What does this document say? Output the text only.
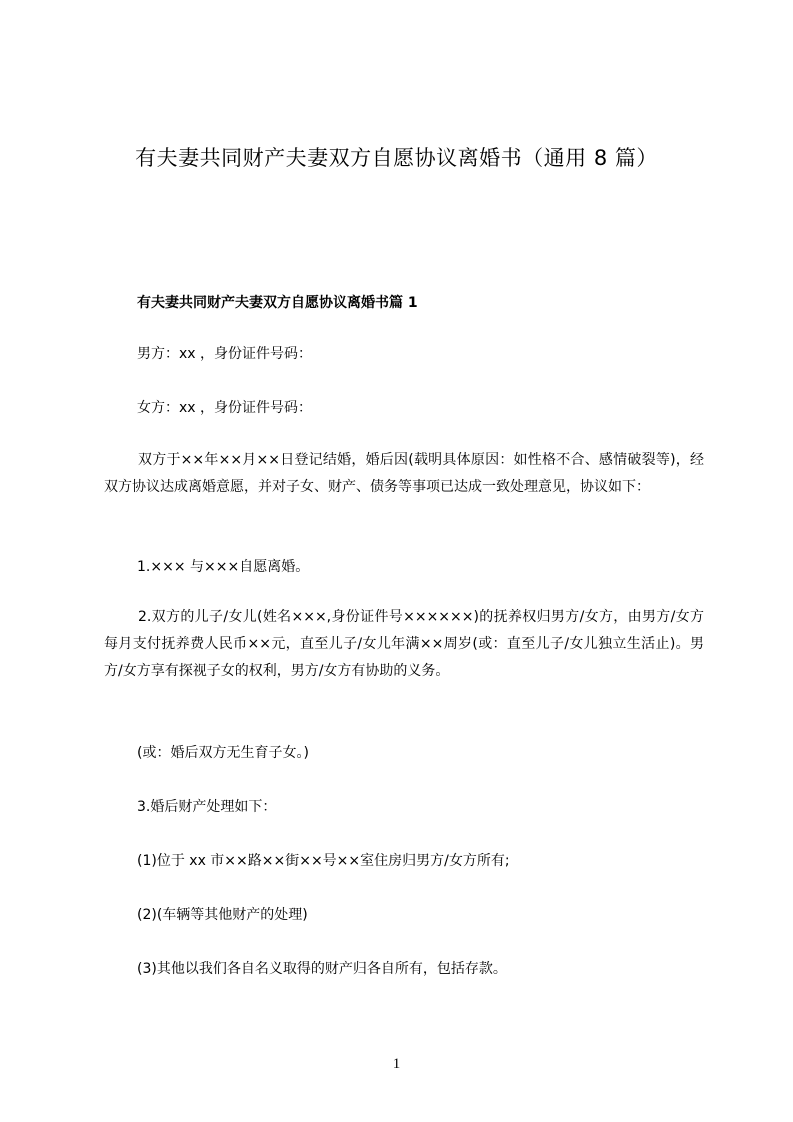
有夫妻共同财产夫妻双方自愿协议离婚书（通用 8 篇）
有夫妻共同财产夫妻双方自愿协议离婚书篇 1
男方：xx ，身份证件号码：
女方：xx ，身份证件号码：
双方于××年××月××日登记结婚，婚后因(载明具体原因：如性格不合、感情破裂等)，经双方协议达成离婚意愿，并对子女、财产、债务等事项已达成一致处理意见，协议如下：
1.××× 与×××自愿离婚。
2.双方的儿子/女儿(姓名×××,身份证件号××××××)的抚养权归男方/女方，由男方/女方每月支付抚养费人民币××元，直至儿子/女儿年满××周岁(或：直至儿子/女儿独立生活止)。男方/女方享有探视子女的权利，男方/女方有协助的义务。
(或：婚后双方无生育子女。)
3.婚后财产处理如下：
(1)位于 xx 市××路××街××号××室住房归男方/女方所有;
(2)(车辆等其他财产的处理)
(3)其他以我们各自名义取得的财产归各自所有，包括存款。
1
